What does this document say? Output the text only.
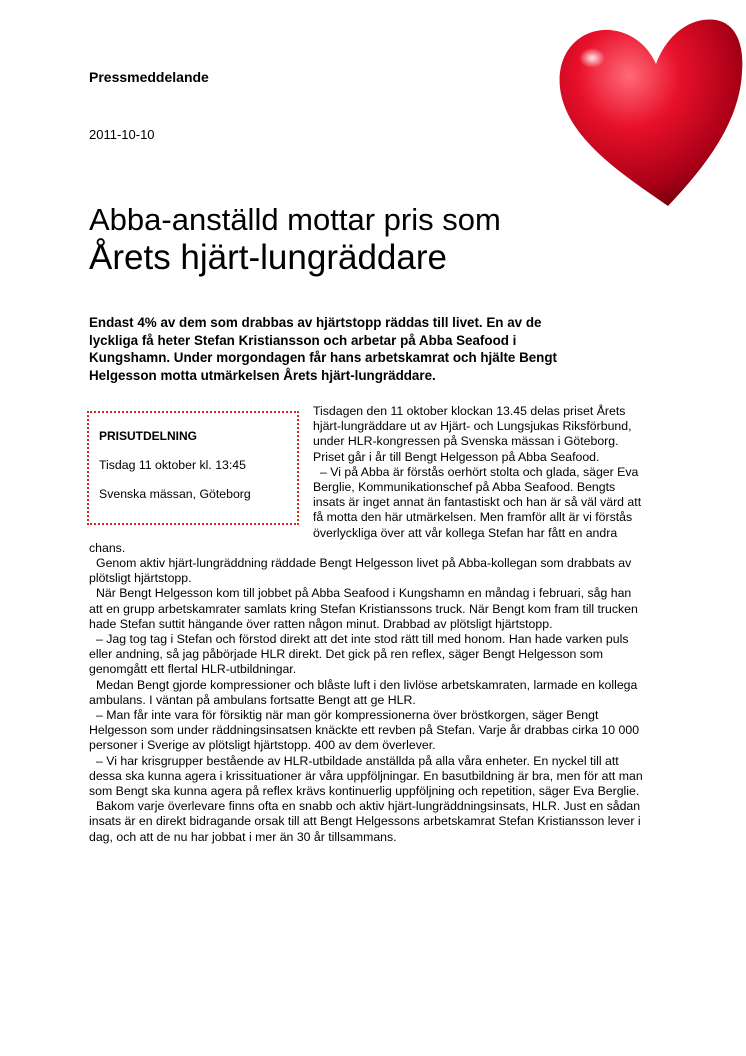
Pressmeddelande
2011-10-10
Abba-anställd mottar pris som
Årets hjärt-lungräddare
Endast 4% av dem som drabbas av hjärtstopp räddas till livet. En av de lyckliga få heter Stefan Kristiansson och arbetar på Abba Seafood i Kungshamn. Under morgondagen får hans arbetskamrat och hjälte Bengt Helgesson motta utmärkelsen Årets hjärt-lungräddare.
PRISUTDELNING
Tisdag 11 oktober kl. 13:45
Svenska mässan, Göteborg

Tisdagen den 11 oktober klockan 13.45 delas priset Årets hjärt-lungräddare ut av Hjärt- och Lungsjukas Riksförbund, under HLR-kongressen på Svenska mässan i Göteborg. Priset går i år till Bengt Helgesson på Abba Seafood.

– Vi på Abba är förstås oerhört stolta och glada, säger Eva Berglie, Kommunikationschef på Abba Seafood. Bengts insats är inget annat än fantastiskt och han är så väl värd att få motta den här utmärkelsen. Men framför allt är vi förstås överlyckliga över att vår kollega Stefan har fått en andra chans.

Genom aktiv hjärt-lungräddning räddade Bengt Helgesson livet på Abba-kollegan som drabbats av plötsligt hjärtstopp.

När Bengt Helgesson kom till jobbet på Abba Seafood i Kungshamn en måndag i februari, såg han att en grupp arbetskamrater samlats kring Stefan Kristianssons truck. När Bengt kom fram till trucken hade Stefan suttit hängande över ratten någon minut. Drabbad av plötsligt hjärtstopp.

– Jag tog tag i Stefan och förstod direkt att det inte stod rätt till med honom. Han hade varken puls eller andning, så jag påbörjade HLR direkt. Det gick på ren reflex, säger Bengt Helgesson som genomgått ett flertal HLR-utbildningar.

Medan Bengt gjorde kompressioner och blåste luft i den livlöse arbetskamraten, larmade en kollega ambulans. I väntan på ambulans fortsatte Bengt att ge HLR.

– Man får inte vara för försiktig när man gör kompressionerna över bröstkorgen, säger Bengt Helgesson som under räddningsinsatsen knäckte ett revben på Stefan. Varje år drabbas cirka 10 000 personer i Sverige av plötsligt hjärtstopp. 400 av dem överlever.

– Vi har krisgrupper bestående av HLR-utbildade anställda på alla våra enheter. En nyckel till att dessa ska kunna agera i krissituationer är våra uppföljningar. En basutbildning är bra, men för att man som Bengt ska kunna agera på reflex krävs kontinuerlig uppföljning och repetition, säger Eva Berglie.

Bakom varje överlevare finns ofta en snabb och aktiv hjärt-lungräddningsinsats, HLR. Just en sådan insats är en direkt bidragande orsak till att Bengt Helgessons arbetskamrat Stefan Kristiansson lever i dag, och att de nu har jobbat i mer än 30 år tillsammans.
